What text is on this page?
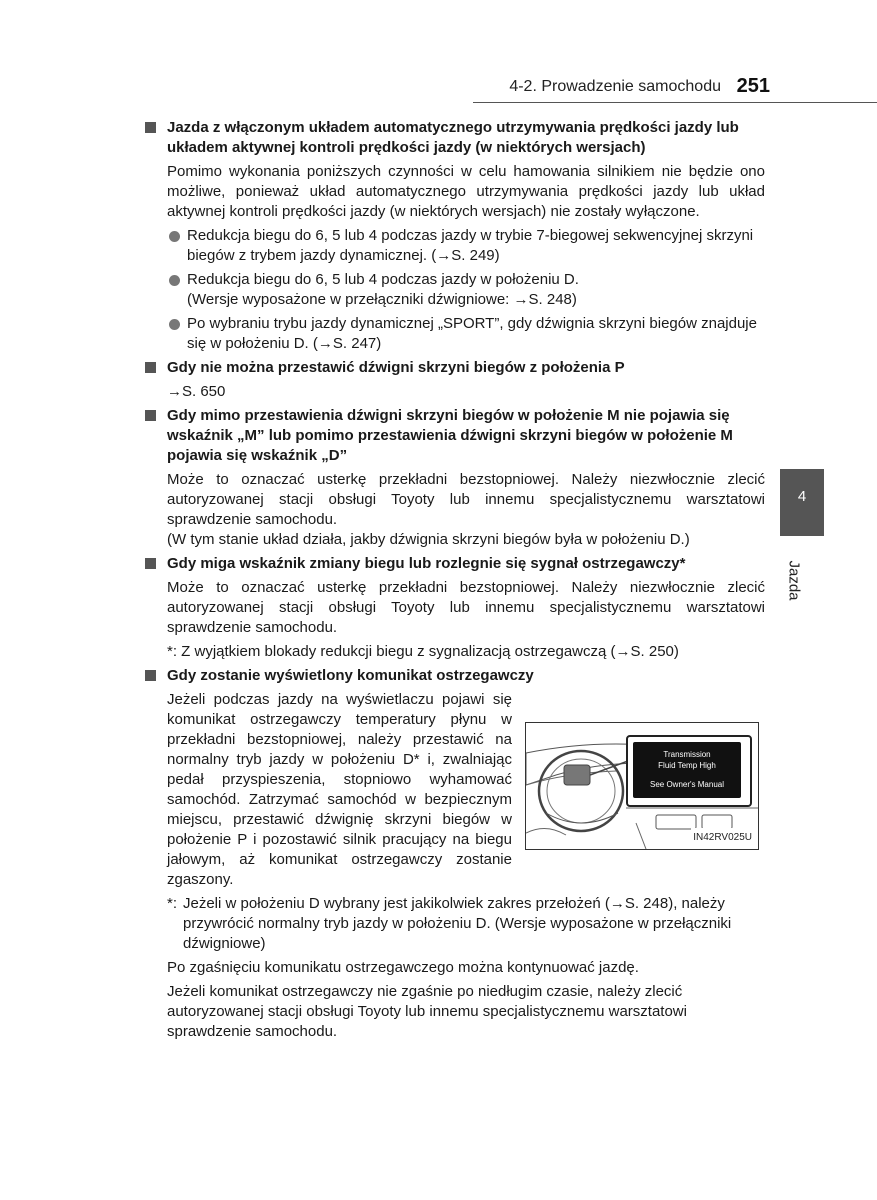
4-2. Prowadzenie samochodu 251
4
Jazda
Jazda z włączonym układem automatycznego utrzymywania prędkości jazdy lub układem aktywnej kontroli prędkości jazdy (w niektórych wersjach)
Pomimo wykonania poniższych czynności w celu hamowania silnikiem nie będzie ono możliwe, ponieważ układ automatycznego utrzymywania prędkości jazdy lub układ aktywnej kontroli prędkości jazdy (w niektórych wersjach) nie zostały wyłączone.
Redukcja biegu do 6, 5 lub 4 podczas jazdy w trybie 7-biegowej sekwencyjnej skrzyni biegów z trybem jazdy dynamicznej. (→S. 249)
Redukcja biegu do 6, 5 lub 4 podczas jazdy w położeniu D.
(Wersje wyposażone w przełączniki dźwigniowe: →S. 248)
Po wybraniu trybu jazdy dynamicznej „SPORT”, gdy dźwignia skrzyni biegów znajduje się w położeniu D. (→S. 247)
Gdy nie można przestawić dźwigni skrzyni biegów z położenia P
→S. 650
Gdy mimo przestawienia dźwigni skrzyni biegów w położenie M nie pojawia się wskaźnik „M” lub pomimo przestawienia dźwigni skrzyni biegów w położenie M pojawia się wskaźnik „D”
Może to oznaczać usterkę przekładni bezstopniowej. Należy niezwłocznie zlecić autoryzowanej stacji obsługi Toyoty lub innemu specjalistycznemu warsztatowi sprawdzenie samochodu.
(W tym stanie układ działa, jakby dźwignia skrzyni biegów była w położeniu D.)
Gdy miga wskaźnik zmiany biegu lub rozlegnie się sygnał ostrzegawczy*
Może to oznaczać usterkę przekładni bezstopniowej. Należy niezwłocznie zlecić autoryzowanej stacji obsługi Toyoty lub innemu specjalistycznemu warsztatowi sprawdzenie samochodu.
*: Z wyjątkiem blokady redukcji biegu z sygnalizacją ostrzegawczą (→S. 250)
Gdy zostanie wyświetlony komunikat ostrzegawczy
Jeżeli podczas jazdy na wyświetlaczu pojawi się komunikat ostrzegawczy temperatury płynu w przekładni bezstopniowej, należy przestawić na normalny tryb jazdy w położeniu D* i, zwalniając pedał przyspieszenia, stopniowo wyhamować samochód. Zatrzymać samochód w bezpiecznym miejscu, przestawić dźwignię skrzyni biegów w położenie P i pozostawić silnik pracujący na biegu jałowym, aż komunikat ostrzegawczy zostanie zgaszony.
Transmission
Fluid Temp High
See Owner's Manual
IN42RV025U
*: Jeżeli w położeniu D wybrany jest jakikolwiek zakres przełożeń (→S. 248), należy przywrócić normalny tryb jazdy w położeniu D. (Wersje wyposażone w przełączniki dźwigniowe)
Po zgaśnięciu komunikatu ostrzegawczego można kontynuować jazdę.
Jeżeli komunikat ostrzegawczy nie zgaśnie po niedługim czasie, należy zlecić autoryzowanej stacji obsługi Toyoty lub innemu specjalistycznemu warsztatowi sprawdzenie samochodu.
